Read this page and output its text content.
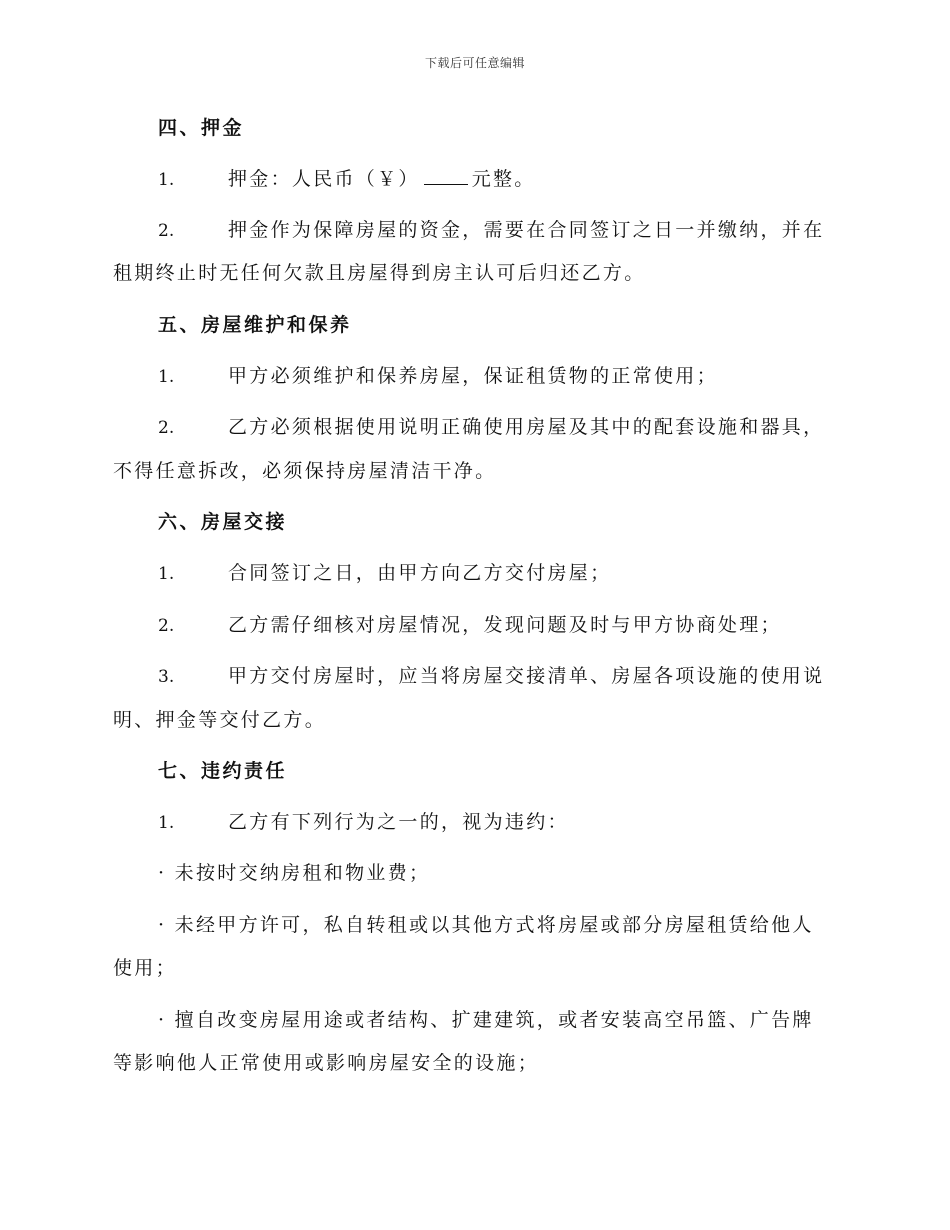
下载后可任意编辑
四、押金
1.	押金：人民币（￥）	元整。
2.	押金作为保障房屋的资金，需要在合同签订之日一并缴纳，并在
租期终止时无任何欠款且房屋得到房主认可后归还乙方。
五、房屋维护和保养
1.	甲方必须维护和保养房屋，保证租赁物的正常使用；
2.	乙方必须根据使用说明正确使用房屋及其中的配套设施和器具，
不得任意拆改，必须保持房屋清洁干净。
六、房屋交接
1.	合同签订之日，由甲方向乙方交付房屋；
2.	乙方需仔细核对房屋情况，发现问题及时与甲方协商处理；
3.	甲方交付房屋时，应当将房屋交接清单、房屋各项设施的使用说
明、押金等交付乙方。
七、违约责任
1.	乙方有下列行为之一的，视为违约：
· 未按时交纳房租和物业费；
· 未经甲方许可，私自转租或以其他方式将房屋或部分房屋租赁给他人
使用；
· 擅自改变房屋用途或者结构、扩建建筑，或者安装高空吊篮、广告牌
等影响他人正常使用或影响房屋安全的设施；
